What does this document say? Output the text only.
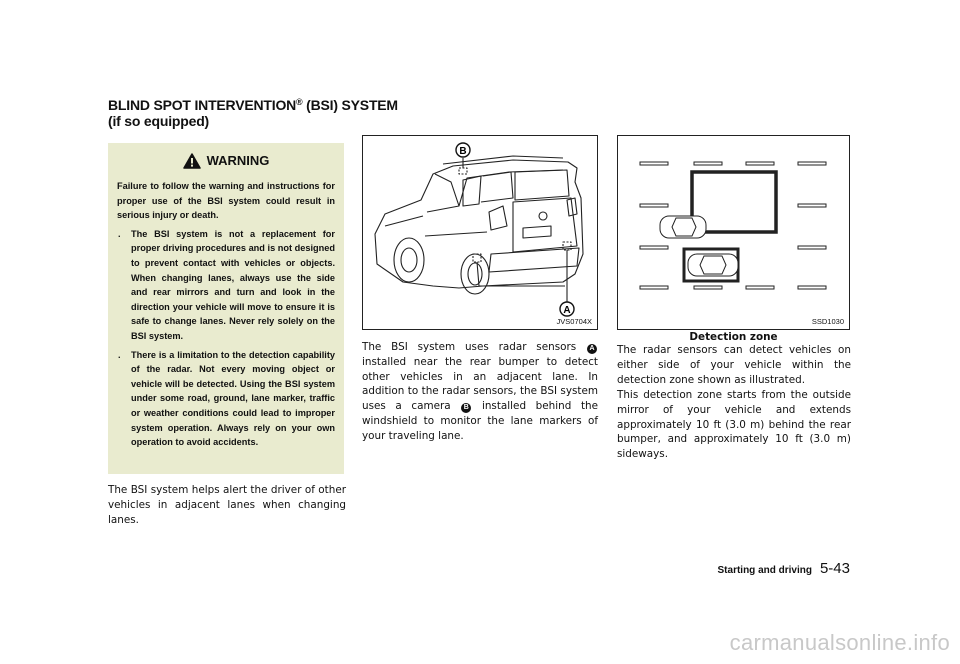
BLIND SPOT INTERVENTION® (BSI) SYSTEM
(if so equipped)
WARNING

Failure to follow the warning and instructions for proper use of the BSI system could result in serious injury or death.

. The BSI system is not a replacement for proper driving procedures and is not designed to prevent contact with vehicles or objects. When changing lanes, always use the side and rear mirrors and turn and look in the direction your vehicle will move to ensure it is safe to change lanes. Never rely solely on the BSI system.
. There is a limitation to the detection capability of the radar. Not every moving object or vehicle will be detected. Using the BSI system under some road, ground, lane marker, traffic or weather conditions could lead to improper system operation. Always rely on your own operation to avoid accidents.

The BSI system helps alert the driver of other vehicles in adjacent lanes when changing lanes.

B
A
JVS0704X	SSD1030
Detection zone
The BSI system uses radar sensors A installed near the rear bumper to detect other vehicles in an adjacent lane. In addition to the radar sensors, the BSI system uses a camera B installed behind the windshield to monitor the lane markers of your traveling lane.

The radar sensors can detect vehicles on either side of your vehicle within the detection zone shown as illustrated.

This detection zone starts from the outside mirror of your vehicle and extends approximately 10 ft (3.0 m) behind the rear bumper, and approximately 10 ft (3.0 m) sideways.

Starting and driving 5-43
carmanualsonline.info
